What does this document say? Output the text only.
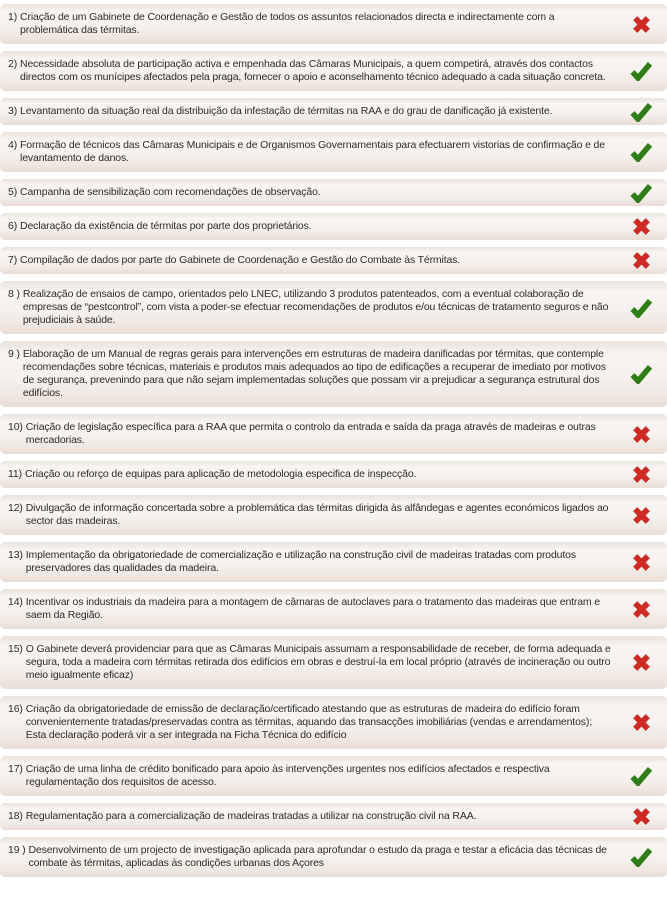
1) Criação de um Gabinete de Coordenação e Gestão de todos os assuntos relacionados directa e indirectamente com a problemática das térmitas.
2) Necessidade absoluta de participação activa e empenhada das Câmaras Municipais, a quem competirá, através dos contactos directos com os munícipes afectados pela praga, fornecer o apoio e aconselhamento técnico adequado a cada situação concreta.
3) Levantamento da situação real da distribuição da infestação de térmitas na RAA e do grau de danificação já existente.
4) Formação de técnicos das Câmaras Municipais e de Organismos Governamentais para efectuarem vistorias de confirmação e de levantamento de danos.
5) Campanha de sensibilização com recomendações de observação.
6) Declaração da existência de térmitas por parte dos proprietários.
7) Compilação de dados por parte do Gabinete de Coordenação e Gestão do Combate às Térmitas.
8 ) Realização de ensaios de campo, orientados pelo LNEC, utilizando 3 produtos patenteados, com a eventual colaboração de empresas de “pestcontrol”, com vista a poder-se efectuar recomendações de produtos e/ou técnicas de tratamento seguros e não prejudiciais à saúde.
9 ) Elaboração de um Manual de regras gerais para intervenções em estruturas de madeira danificadas por térmitas, que contemple recomendações sobre técnicas, materiais e produtos mais adequados ao tipo de edificações a recuperar de imediato por motivos de segurança, prevenindo para que não sejam implementadas soluções que possam vir a prejudicar a segurança estrutural dos edifícios.
10) Criação de legislação específica para a RAA que permita o controlo da entrada e saída da praga através de madeiras e outras mercadorias.
11) Criação ou reforço de equipas para aplicação de metodologia especifica de inspecção.
12) Divulgação de informação concertada sobre a problemática das térmitas dirigida às alfândegas e agentes económicos ligados ao sector das madeiras.
13) Implementação da obrigatoriedade de comercialização e utilização na construção civil de madeiras tratadas com produtos preservadores das qualidades da madeira.
14) Incentivar os industriais da madeira para a montagem de câmaras de autoclaves para o tratamento das madeiras que entram e saem da Região.
15) O Gabinete deverá providenciar para que as Câmaras Municipais assumam a responsabilidade de receber, de forma adequada e segura, toda a madeira com térmitas retirada dos edifícios em obras e destruí-la em local próprio (através de incineração ou outro meio igualmente eficaz)
16) Criação da obrigatoriedade de emissão de declaração/certificado atestando que as estruturas de madeira do edifício foram convenientemente tratadas/preservadas contra as térmitas, aquando das transacções imobiliárias (vendas e arrendamentos); Esta declaração poderá vir a ser integrada na Ficha Técnica do edifício
17) Criação de uma linha de crédito bonificado para apoio às intervenções urgentes nos edifícios afectados e respectiva regulamentação dos requisitos de acesso.
18) Regulamentação para a comercialização de madeiras tratadas a utilizar na construção civil na RAA.
19 ) Desenvolvimento de um projecto de investigação aplicada para aprofundar o estudo da praga e testar a eficácia das técnicas de combate às térmitas, aplicadas às condições urbanas dos Açores
